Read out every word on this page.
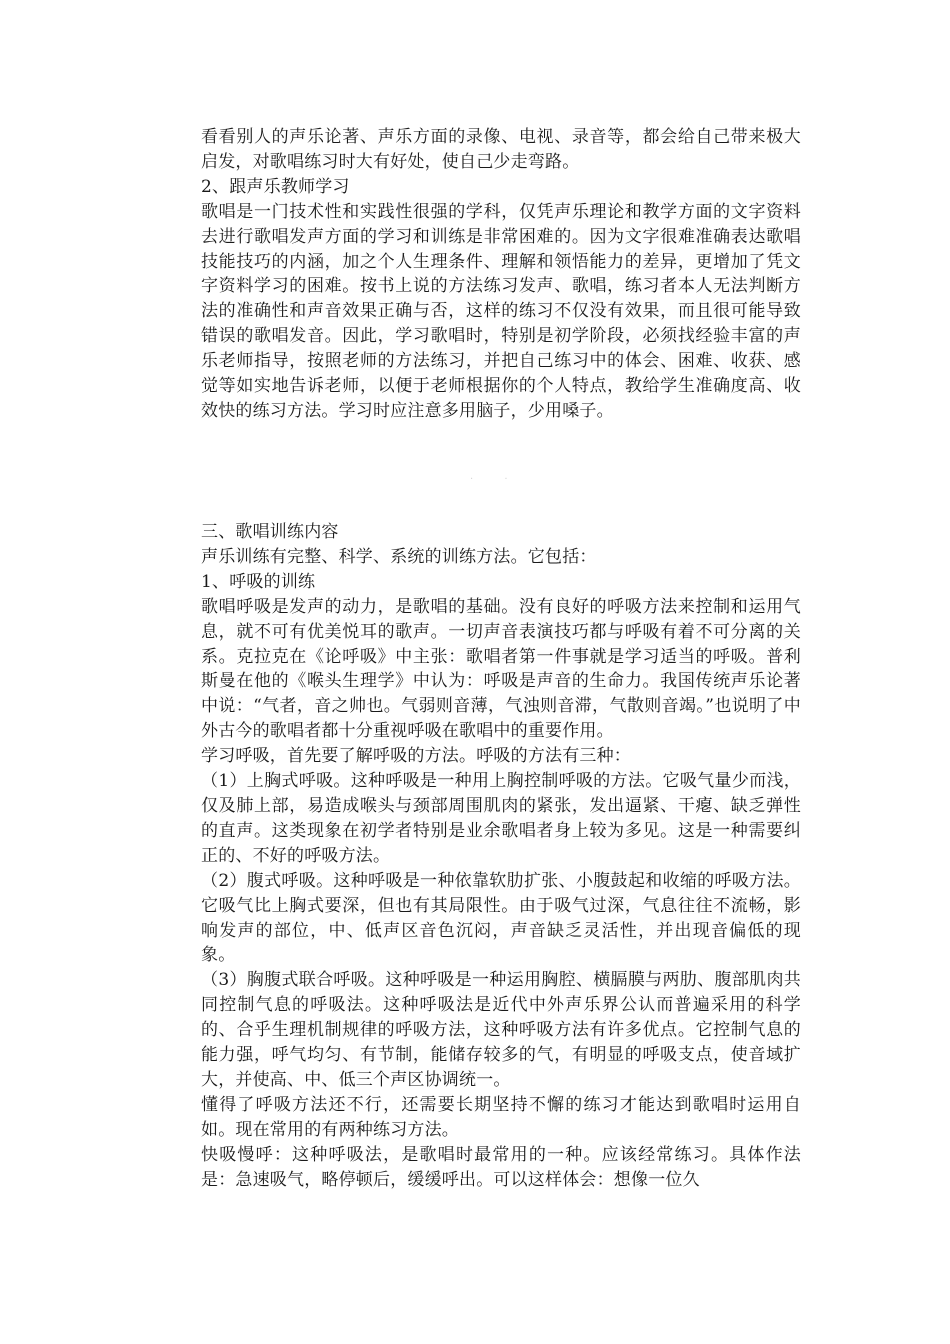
看看别人的声乐论著、声乐方面的录像、电视、录音等，都会给自己带来极大启发，对歌唱练习时大有好处，使自己少走弯路。

2、跟声乐教师学习

歌唱是一门技术性和实践性很强的学科，仅凭声乐理论和教学方面的文字资料去进行歌唱发声方面的学习和训练是非常困难的。因为文字很难准确表达歌唱技能技巧的内涵，加之个人生理条件、理解和领悟能力的差异，更增加了凭文字资料学习的困难。按书上说的方法练习发声、歌唱，练习者本人无法判断方法的准确性和声音效果正确与否，这样的练习不仅没有效果，而且很可能导致错误的歌唱发音。因此，学习歌唱时，特别是初学阶段，必须找经验丰富的声乐老师指导，按照老师的方法练习，并把自己练习中的体会、困难、收获、感觉等如实地告诉老师，以便于老师根据你的个人特点，教给学生准确度高、收效快的练习方法。学习时应注意多用脑子，少用嗓子。

三、歌唱训练内容

声乐训练有完整、科学、系统的训练方法。它包括：

1、呼吸的训练

歌唱呼吸是发声的动力，是歌唱的基础。没有良好的呼吸方法来控制和运用气息，就不可有优美悦耳的歌声。一切声音表演技巧都与呼吸有着不可分离的关系。克拉克在《论呼吸》中主张：歌唱者第一件事就是学习适当的呼吸。普利斯曼在他的《喉头生理学》中认为：呼吸是声音的生命力。我国传统声乐论著中说：“气者，音之帅也。气弱则音薄，气浊则音滞，气散则音竭。”也说明了中外古今的歌唱者都十分重视呼吸在歌唱中的重要作用。

学习呼吸，首先要了解呼吸的方法。呼吸的方法有三种：

（1）上胸式呼吸。这种呼吸是一种用上胸控制呼吸的方法。它吸气量少而浅，仅及肺上部，易造成喉头与颈部周围肌肉的紧张，发出逼紧、干瘪、缺乏弹性的直声。这类现象在初学者特别是业余歌唱者身上较为多见。这是一种需要纠正的、不好的呼吸方法。

（2）腹式呼吸。这种呼吸是一种依靠软肋扩张、小腹鼓起和收缩的呼吸方法。它吸气比上胸式要深，但也有其局限性。由于吸气过深，气息往往不流畅，影响发声的部位，中、低声区音色沉闷，声音缺乏灵活性，并出现音偏低的现象。

（3）胸腹式联合呼吸。这种呼吸是一种运用胸腔、横膈膜与两肋、腹部肌肉共同控制气息的呼吸法。这种呼吸法是近代中外声乐界公认而普遍采用的科学的、合乎生理机制规律的呼吸方法，这种呼吸方法有许多优点。它控制气息的能力强，呼气均匀、有节制，能储存较多的气，有明显的呼吸支点，使音域扩大，并使高、中、低三个声区协调统一。

懂得了呼吸方法还不行，还需要长期坚持不懈的练习才能达到歌唱时运用自如。现在常用的有两种练习方法。

快吸慢呼：这种呼吸法，是歌唱时最常用的一种。应该经常练习。具体作法是：急速吸气，略停顿后，缓缓呼出。可以这样体会：想像一位久

· ·
